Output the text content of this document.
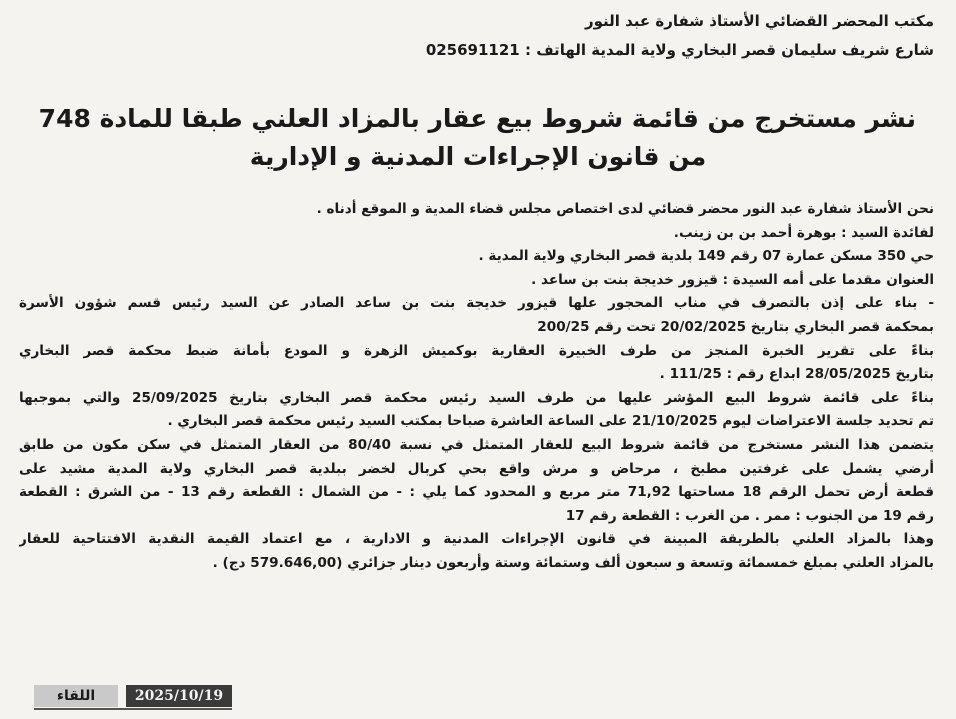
مكتب المحضر القضائي الأستاذ شفارة عبد النور
شارع شريف سليمان قصر البخاري ولاية المدية الهاتف : 025691121
نشر مستخرج من قائمة شروط بيع عقار بالمزاد العلني طبقا للمادة 748
من قانون الإجراءات المدنية و الإدارية
نحن الأستاذ شفارة عبد النور محضر قضائي لدى اختصاص مجلس قضاء المدية و الموقع أدناه .
لفائدة السيد : بوهرة أحمد بن بن زينب.
حي 350 مسكن عمارة 07 رقم 149 بلدية قصر البخاري ولاية المدية .
العنوان مقدما على أمه السيدة : قيزور خديجة بنت بن ساعد .
- بناء على إذن بالتصرف في مناب المحجور علها قيزور خديجة بنت بن ساعد الصادر عن السيد رئيس قسم شؤون الأسرة
بمحكمة قصر البخاري بتاريخ 20/02/2025 تحت رقم 200/25
بناءً على تقرير الخبرة المنجز من طرف الخبيرة العقارية بوكميش الزهرة و المودع بأمانة ضبط محكمة قصر البخاري
بتاريخ 28/05/2025 ابداع رقم : 111/25 .
بناءً على قائمة شروط البيع المؤشر عليها من طرف السيد رئيس محكمة قصر البخاري بتاريخ 25/09/2025 والتي بموجبها
تم تحديد جلسة الاعتراضات ليوم 21/10/2025 على الساعة العاشرة صباحا بمكتب السيد رئيس محكمة قصر البخاري .
يتضمن هذا النشر مستخرج من قائمة شروط البيع للعقار المتمثل في نسبة 80/40 من العقار المتمثل في سكن مكون من طابق
أرضي يشمل على غرفتين مطبخ ، مرحاض و مرش واقع بحي كربال لخضر ببلدية قصر البخاري ولاية المدية مشيد على
قطعة أرض تحمل الرقم 18 مساحتها 71,92 متر مربع و المحدود كما يلي : - من الشمال : القطعة رقم 13 - من الشرق : القطعة
رقم 19 من الجنوب : ممر . من الغرب : القطعة رقم 17
وهذا بالمزاد العلني بالطريقة المبينة في قانون الإجراءات المدنية و الادارية ، مع اعتماد القيمة النقدية الافتتاحية للعقار
بالمزاد العلني بمبلغ خمسمائة وتسعة و سبعون ألف وستمائة وستة وأربعون دينار جزائري (579.646,00 دج) .
اللقاء	2025/10/19
